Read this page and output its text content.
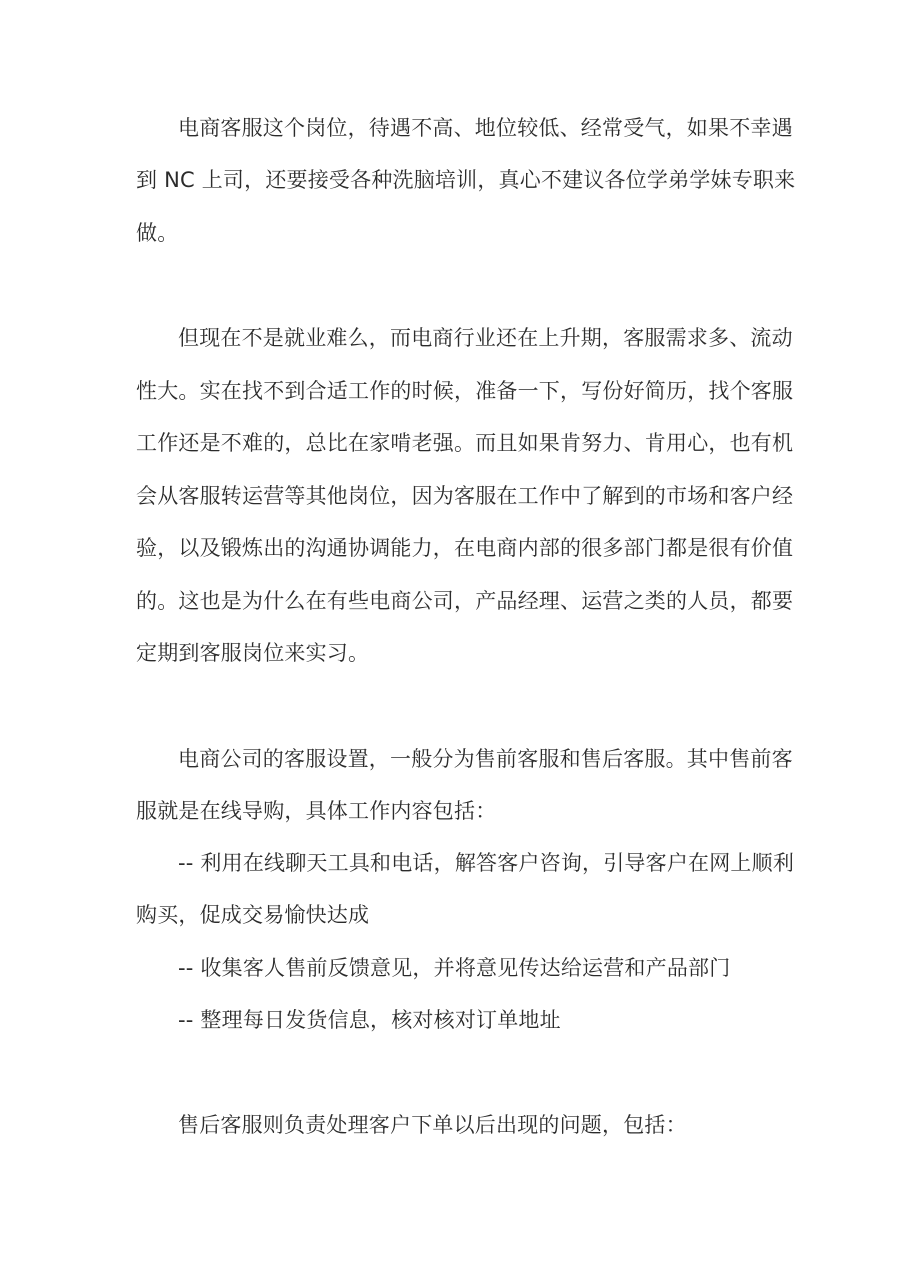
电商客服这个岗位，待遇不高、地位较低、经常受气，如果不幸遇
到 NC 上司，还要接受各种洗脑培训，真心不建议各位学弟学妹专职来
做。
但现在不是就业难么，而电商行业还在上升期，客服需求多、流动
性大。实在找不到合适工作的时候，准备一下，写份好简历，找个客服
工作还是不难的，总比在家啃老强。而且如果肯努力、肯用心，也有机
会从客服转运营等其他岗位，因为客服在工作中了解到的市场和客户经
验，以及锻炼出的沟通协调能力，在电商内部的很多部门都是很有价值
的。这也是为什么在有些电商公司，产品经理、运营之类的人员，都要
定期到客服岗位来实习。
电商公司的客服设置，一般分为售前客服和售后客服。其中售前客
服就是在线导购，具体工作内容包括：
-- 利用在线聊天工具和电话，解答客户咨询，引导客户在网上顺利
购买，促成交易愉快达成
-- 收集客人售前反馈意见，并将意见传达给运营和产品部门
-- 整理每日发货信息，核对核对订单地址
售后客服则负责处理客户下单以后出现的问题，包括：
